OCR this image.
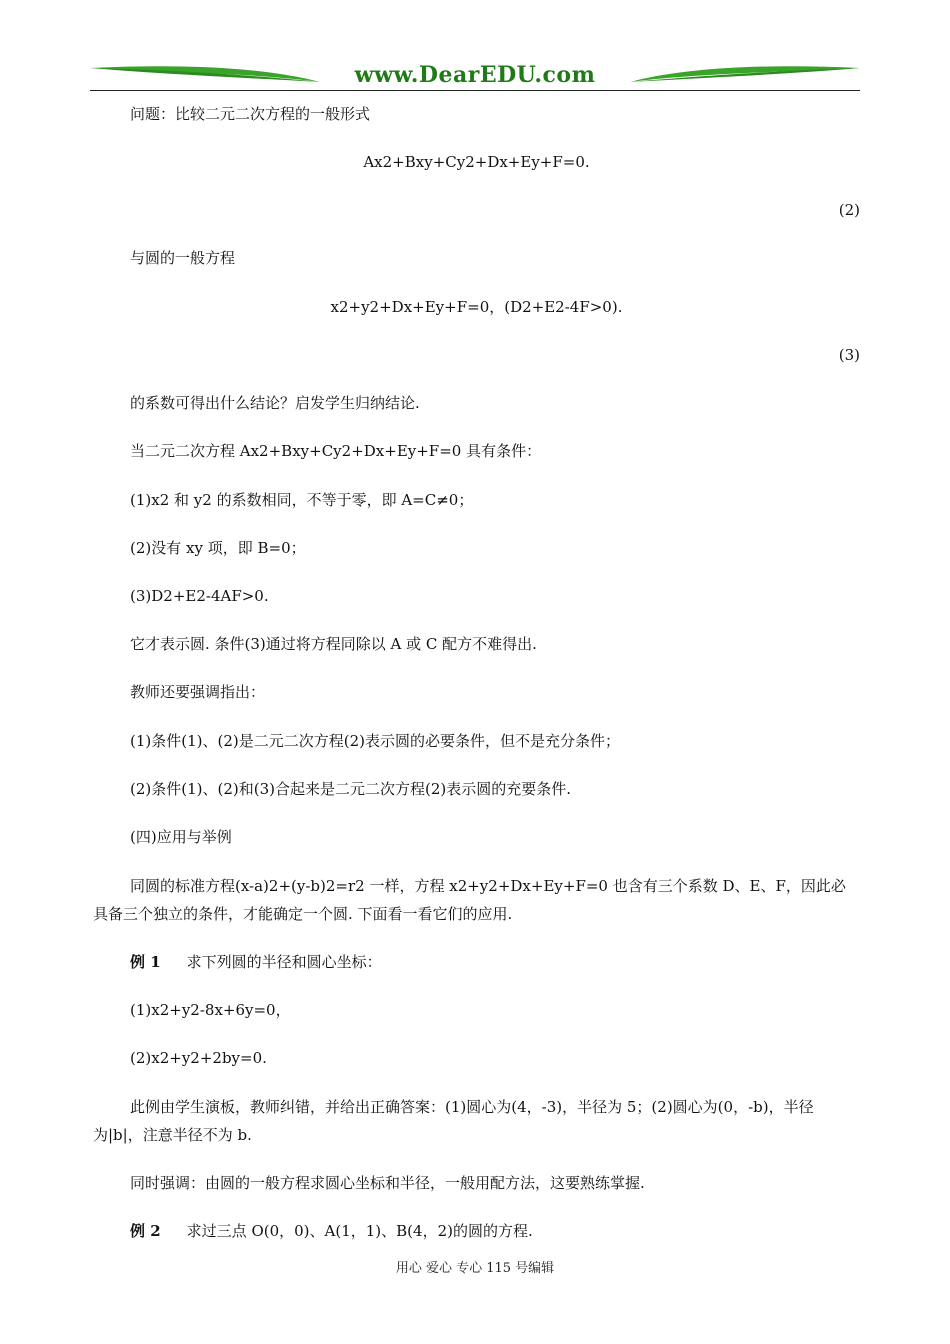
www.DearEDU.com

问题：比较二元二次方程的一般形式

Ax2+Bxy+Cy2+Dx+Ey+F=0.

(2)

与圆的一般方程

x2+y2+Dx+Ey+F=0，(D2+E2-4F>0).

(3)

的系数可得出什么结论？启发学生归纳结论.

当二元二次方程 Ax2+Bxy+Cy2+Dx+Ey+F=0 具有条件：

(1)x2 和 y2 的系数相同，不等于零，即 A=C≠0；

(2)没有 xy 项，即 B=0；

(3)D2+E2-4AF>0.

它才表示圆. 条件(3)通过将方程同除以 A 或 C 配方不难得出.

教师还要强调指出：

(1)条件(1)、(2)是二元二次方程(2)表示圆的必要条件，但不是充分条件；

(2)条件(1)、(2)和(3)合起来是二元二次方程(2)表示圆的充要条件.

(四)应用与举例

同圆的标准方程(x-a)2+(y-b)2=r2 一样，方程 x2+y2+Dx+Ey+F=0 也含有三个系数 D、E、F，因此必具备三个独立的条件，才能确定一个圆. 下面看一看它们的应用.

例 1 求下列圆的半径和圆心坐标：

(1)x2+y2-8x+6y=0，

(2)x2+y2+2by=0.

此例由学生演板，教师纠错，并给出正确答案：(1)圆心为(4，-3)，半径为 5；(2)圆心为(0，-b)，半径为|b|，注意半径不为 b.

同时强调：由圆的一般方程求圆心坐标和半径，一般用配方法，这要熟练掌握.

例 2 求过三点 O(0，0)、A(1，1)、B(4，2)的圆的方程.

用心 爱心 专心 115 号编辑
